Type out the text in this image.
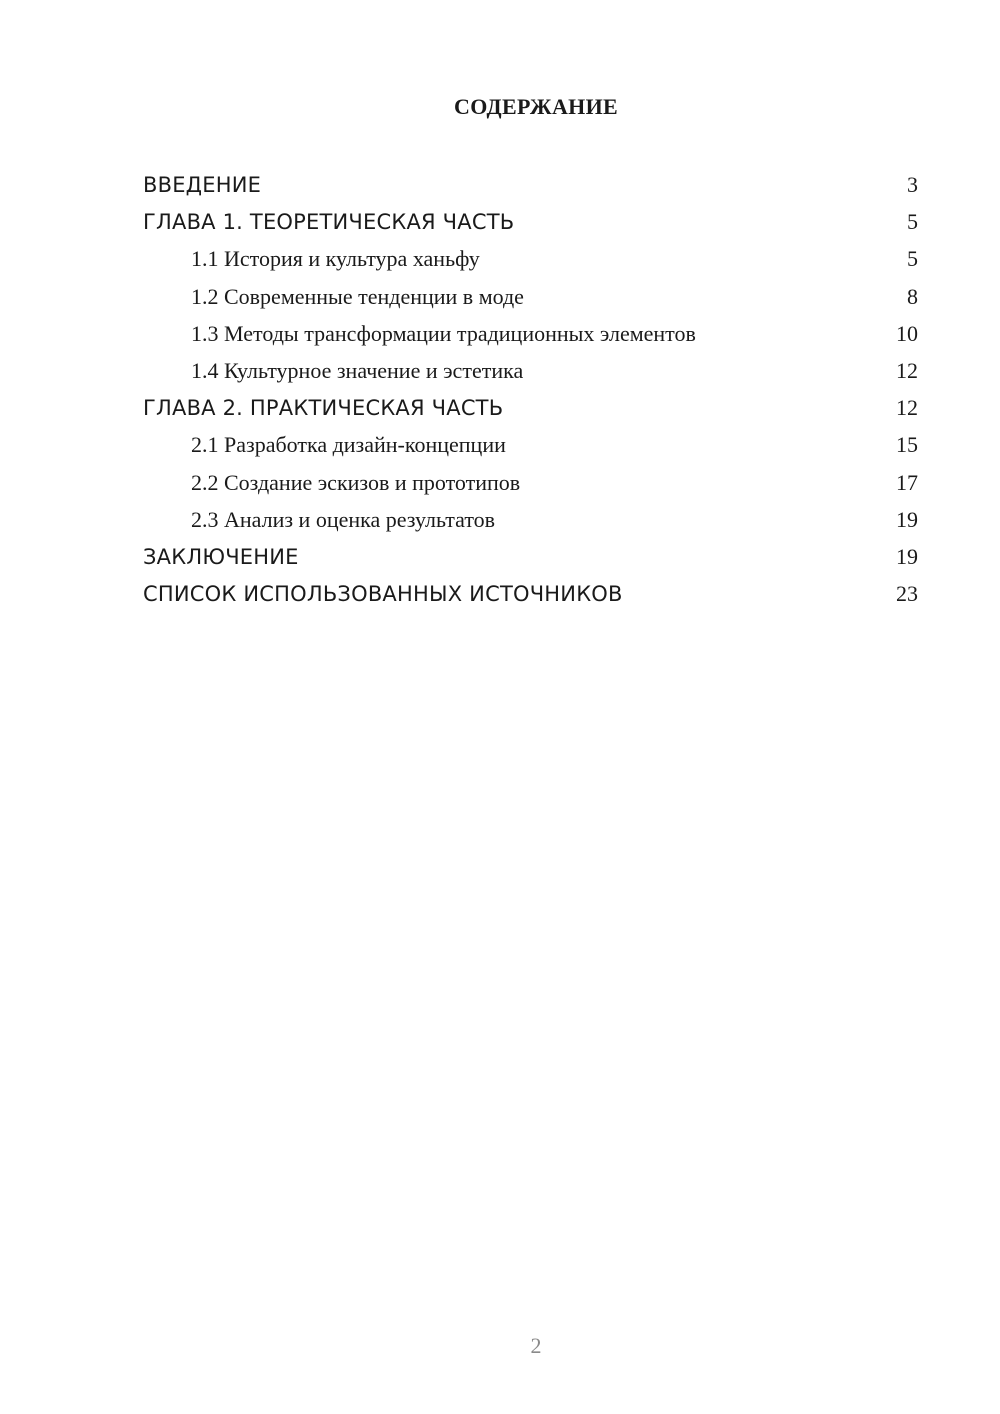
СОДЕРЖАНИЕ
ВВЕДЕНИЕ	3
ГЛАВА 1. ТЕОРЕТИЧЕСКАЯ ЧАСТЬ	5
1.1 История и культура ханьфу	5
1.2 Современные тенденции в моде	8
1.3 Методы трансформации традиционных элементов	10
1.4 Культурное значение и эстетика	12
ГЛАВА 2. ПРАКТИЧЕСКАЯ ЧАСТЬ	12
2.1 Разработка дизайн-концепции	15
2.2 Создание эскизов и прототипов	17
2.3 Анализ и оценка результатов	19
ЗАКЛЮЧЕНИЕ	19
СПИСОК ИСПОЛЬЗОВАННЫХ ИСТОЧНИКОВ	23
2
